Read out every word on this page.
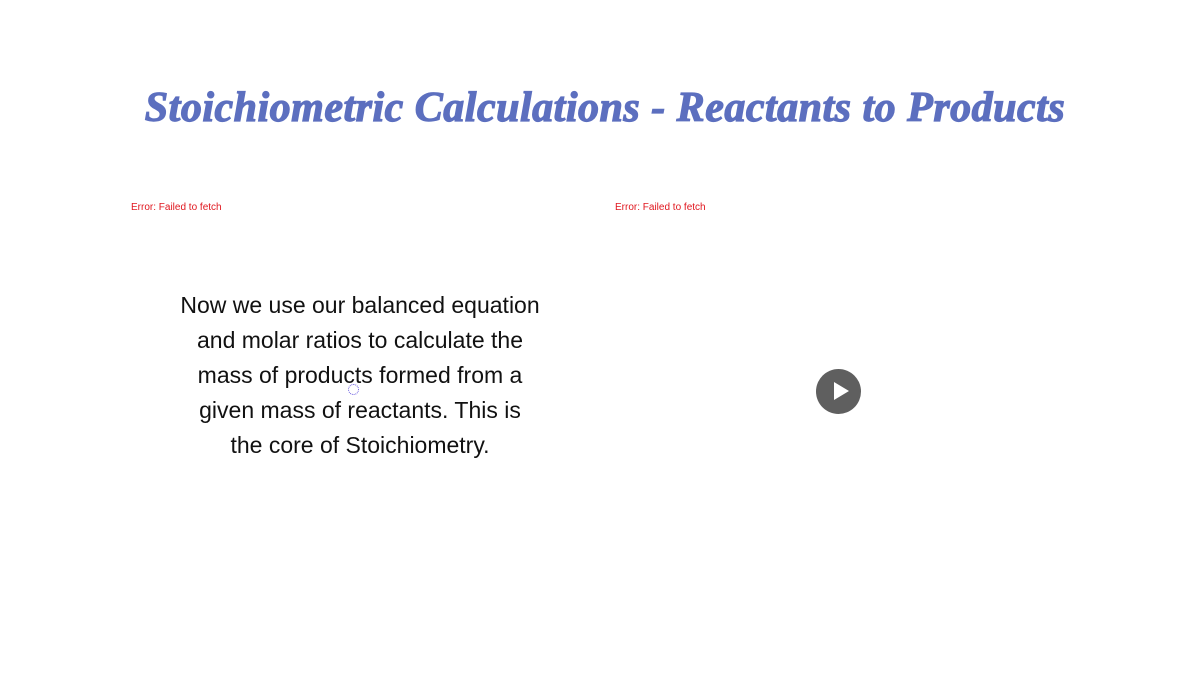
Stoichiometric Calculations - Reactants to Products
Error: Failed to fetch	Error: Failed to fetch

Now we use our balanced equation and molar ratios to calculate the mass of products formed from a given mass of reactants. This is the core of Stoichiometry.
